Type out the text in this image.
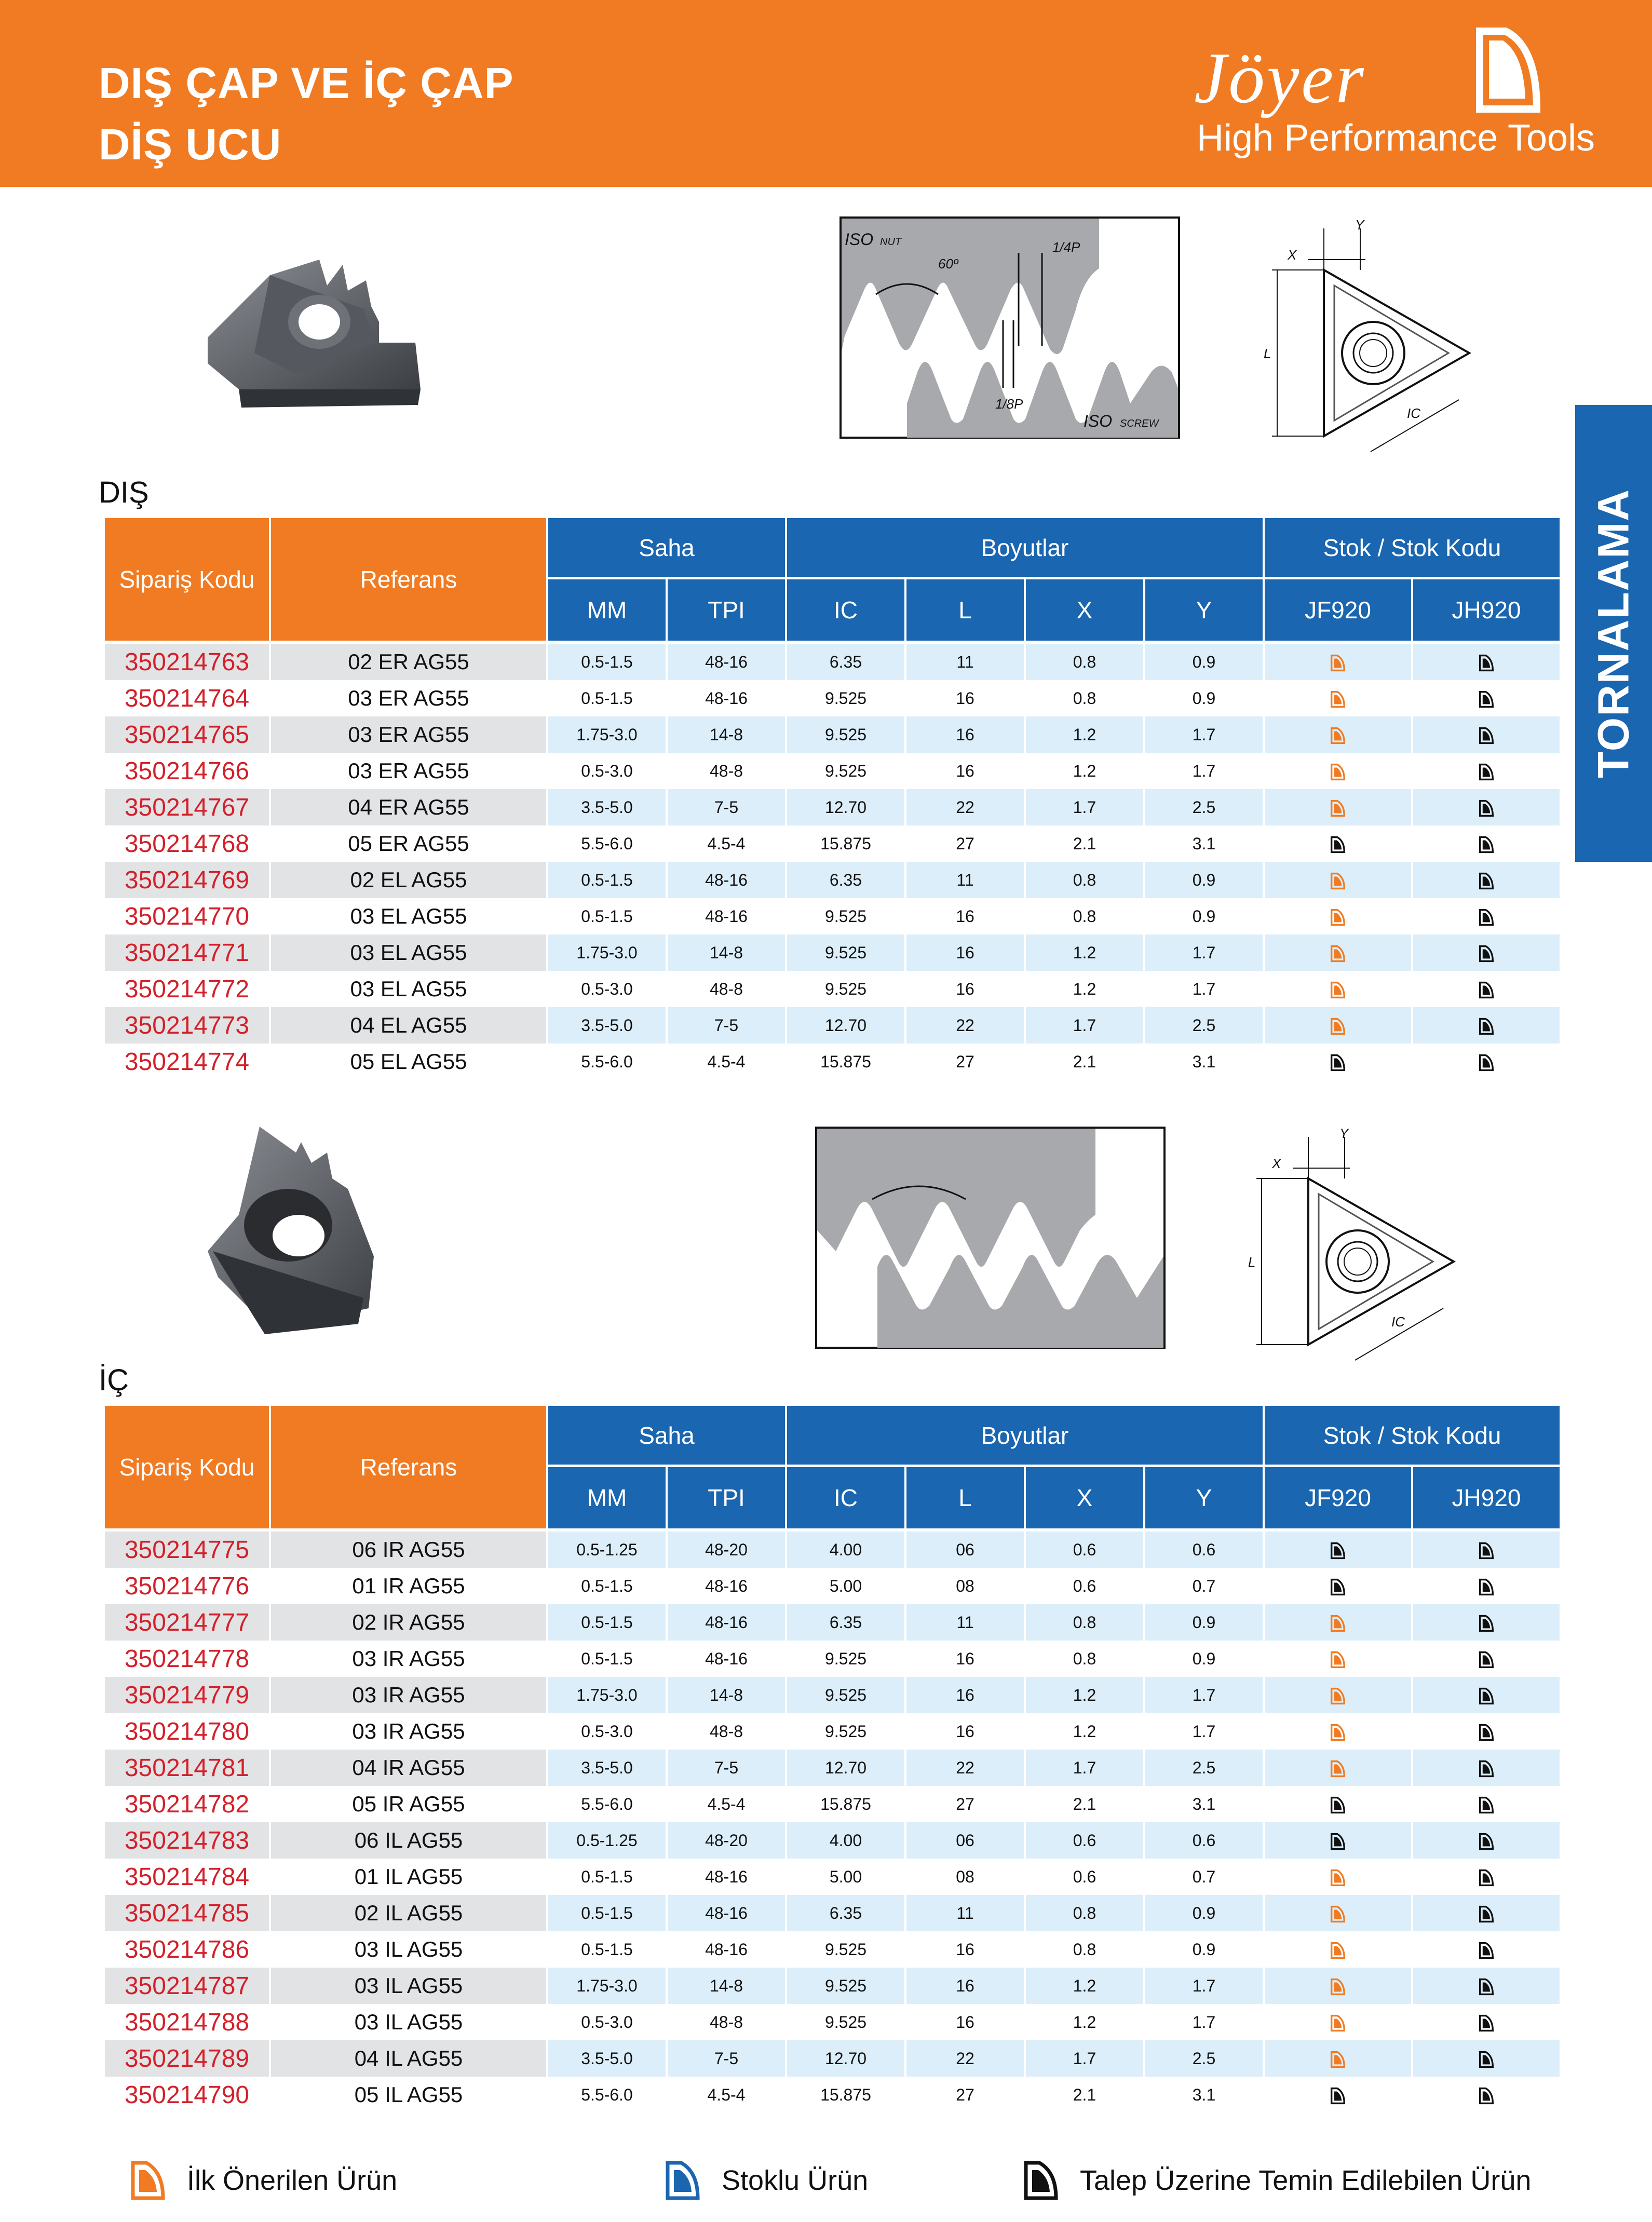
DIŞ ÇAP VE İÇ ÇAP
DİŞ UCU
Jöyer
High Performance Tools
TORNALAMA
ISO NUT
60º
1/4P
1/8P
ISO SCREW
L
X
Y
IC
DIŞ
Sipariş Kodu	Referans	Saha		Boyutlar				Stok / Stok Kodu	
		MM	TPI	IC	L	X	Y	JF920	JH920
350214763	02 ER AG55	0.5-1.5	48-16	6.35	11	0.8	0.9		
350214764	03 ER AG55	0.5-1.5	48-16	9.525	16	0.8	0.9		
350214765	03 ER AG55	1.75-3.0	14-8	9.525	16	1.2	1.7		
350214766	03 ER AG55	0.5-3.0	48-8	9.525	16	1.2	1.7		
350214767	04 ER AG55	3.5-5.0	7-5	12.70	22	1.7	2.5		
350214768	05 ER AG55	5.5-6.0	4.5-4	15.875	27	2.1	3.1		
350214769	02 EL AG55	0.5-1.5	48-16	6.35	11	0.8	0.9		
350214770	03 EL AG55	0.5-1.5	48-16	9.525	16	0.8	0.9		
350214771	03 EL AG55	1.75-3.0	14-8	9.525	16	1.2	1.7		
350214772	03 EL AG55	0.5-3.0	48-8	9.525	16	1.2	1.7		
350214773	04 EL AG55	3.5-5.0	7-5	12.70	22	1.7	2.5		
350214774	05 EL AG55	5.5-6.0	4.5-4	15.875	27	2.1	3.1		
L
X
Y
IC
İÇ
Sipariş Kodu	Referans	Saha		Boyutlar				Stok / Stok Kodu	
		MM	TPI	IC	L	X	Y	JF920	JH920
350214775	06 IR AG55	0.5-1.25	48-20	4.00	06	0.6	0.6		
350214776	01 IR AG55	0.5-1.5	48-16	5.00	08	0.6	0.7		
350214777	02 IR AG55	0.5-1.5	48-16	6.35	11	0.8	0.9		
350214778	03 IR AG55	0.5-1.5	48-16	9.525	16	0.8	0.9		
350214779	03 IR AG55	1.75-3.0	14-8	9.525	16	1.2	1.7		
350214780	03 IR AG55	0.5-3.0	48-8	9.525	16	1.2	1.7		
350214781	04 IR AG55	3.5-5.0	7-5	12.70	22	1.7	2.5		
350214782	05 IR AG55	5.5-6.0	4.5-4	15.875	27	2.1	3.1		
350214783	06 IL AG55	0.5-1.25	48-20	4.00	06	0.6	0.6		
350214784	01 IL AG55	0.5-1.5	48-16	5.00	08	0.6	0.7		
350214785	02 IL AG55	0.5-1.5	48-16	6.35	11	0.8	0.9		
350214786	03 IL AG55	0.5-1.5	48-16	9.525	16	0.8	0.9		
350214787	03 IL AG55	1.75-3.0	14-8	9.525	16	1.2	1.7		
350214788	03 IL AG55	0.5-3.0	48-8	9.525	16	1.2	1.7		
350214789	04 IL AG55	3.5-5.0	7-5	12.70	22	1.7	2.5		
350214790	05 IL AG55	5.5-6.0	4.5-4	15.875	27	2.1	3.1		
İlk Önerilen Ürün	Stoklu Ürün	Talep Üzerine Temin Edilebilen Ürün
